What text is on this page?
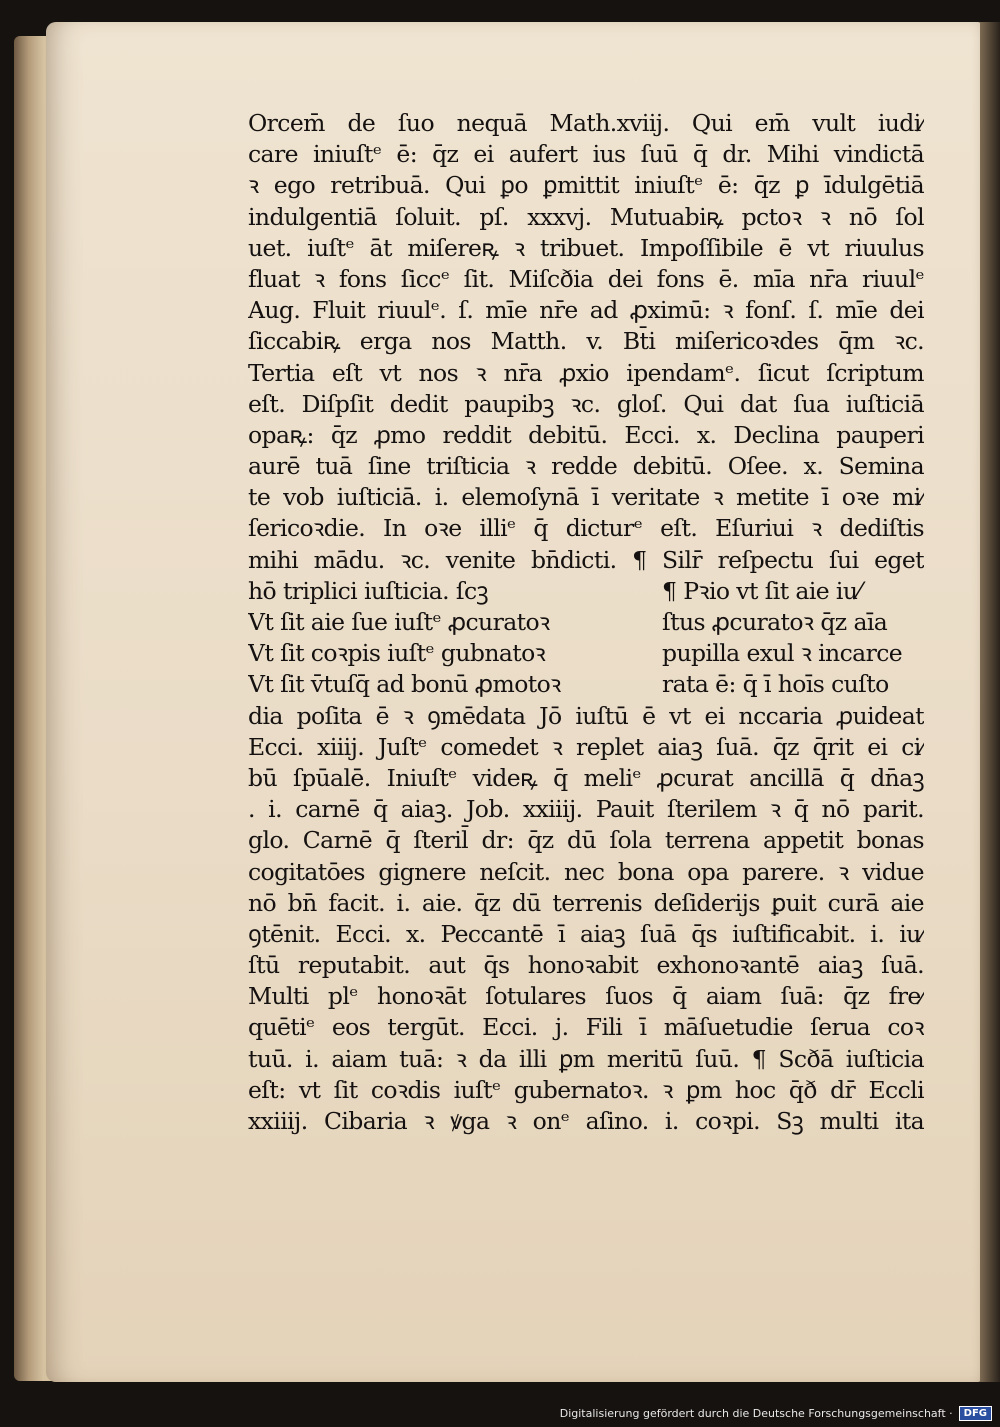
Orcem̄ de ſuo nequā Math.xviij. Qui em̄ vult iudi⁄
care iniuſtᵉ ē: q̄z ei aufert ius ſuū q̄ dr. Mihi vindictā
ꝛ ego retribuā. Qui ꝑo ꝑmittit iniuſtᵉ ē: q̄z ꝑ īdulgētiā
indulgentiā ſoluit. pſ. xxxvj. Mutuabiꝶ pctoꝛ ꝛ nō ſol
uet. iuſtᵉ āt miſereꝶ ꝛ tribuet. Impoſſibile ē vt riuulus
fluat ꝛ fons ſiccᵉ ſit. Miſcðia dei fons ē. mīa nr̄a riuulᵉ
Aug. Fluit riuulᵉ. ſ. mīe nr̄e ad ꝓximū: ꝛ fonſ. ſ. mīe dei
ſiccabiꝶ erga nos Matth. v. Bt̄i miſericoꝛdes q̄m ꝛc.
Tertia eſt vt nos ꝛ nr̄a ꝓxio ipendamᵉ. ſicut ſcriptum
eſt. Diſpſit dedit paupibꝫ ꝛc. gloſ. Qui dat ſua iuſticiā
opaꝶ: q̄z ꝓmo reddit debitū. Ecci. x. Declina pauperi
aurē tuā ſine triſticia ꝛ redde debitū. Oſee. x. Semina
te vob iuſticiā. i. elemoſynā ī veritate ꝛ metite ī oꝛe mi⁄
ſericoꝛdie. In oꝛe illiᵉ q̄ dicturᵉ eſt. Eſuriui ꝛ dediſtis
mihi mādu. ꝛc. venite bn̄dicti. ¶ Silr̄ reſpectu ſui eget
hō triplici iuſticia. ſcꝫ	¶ Pꝛio vt ſit aie iu⁄
Vt ſit aie ſue iuſtᵉ ꝓcuratoꝛ	ſtus ꝓcuratoꝛ q̄z aīa
Vt ſit coꝛpis iuſtᵉ gubnatoꝛ	pupilla exul ꝛ incarce
Vt ſit v̄tuſq̄ ad bonū ꝓmotoꝛ	rata ē: q̄ ī hoīs cuſto
dia poſita ē ꝛ ꝯmēdata Jō iuſtū ē vt ei nccaria ꝓuideat
Ecci. xiiij. Juſtᵉ comedet ꝛ replet aiaꝫ ſuā. q̄z q̄rit ei ci⁄
bū ſpūalē. Iniuſtᵉ videꝶ q̄ meliᵉ ꝓcurat ancillā q̄ dn̄aꝫ
. i. carnē q̄ aiaꝫ. Job. xxiiij. Pauit ſterilem ꝛ q̄ nō parit.
glo. Carnē q̄ ſteril̄ dr: q̄z dū ſola terrena appetit bonas
cogitatōes gignere neſcit. nec bona opa parere. ꝛ vidue
nō bn̄ facit. i. aie. q̄z dū terrenis deſiderijs ꝑuit curā aie
ꝯtēnit. Ecci. x. Peccantē ī aiaꝫ ſuā q̄s iuſtificabit. i. iu⁄
ſtū reputabit. aut q̄s honoꝛabit exhonoꝛantē aiaꝫ ſuā.
Multi plᵉ honoꝛāt ſotulares ſuos q̄ aiam ſuā: q̄z fre⁄
quētiᵉ eos tergūt. Ecci. j. Fili ī māſuetudie ſerua coꝛ
tuū. i. aiam tuā: ꝛ da illi ꝑm meritū ſuū. ¶ Scðā iuſticia
eſt: vt ſit coꝛdis iuſtᵉ gubernatoꝛ. ꝛ ꝑm hoc q̄ð dr̄ Eccli
xxiiij. Cibaria ꝛ ꝟga ꝛ onᵉ aſino. i. coꝛpi. Sꝫ multi ita
Digitalisierung gefördert durch die Deutsche Forschungsgemeinschaft ·	DFG
